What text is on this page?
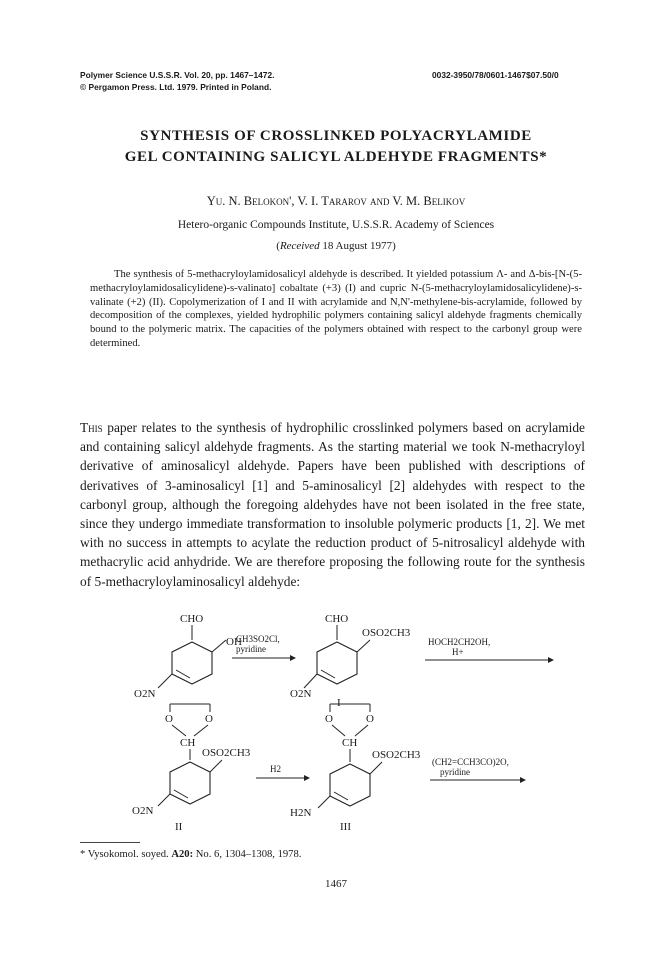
Polymer Science U.S.S.R. Vol. 20, pp. 1467–1472.
© Pergamon Press. Ltd. 1979. Printed in Poland.
0032-3950/78/0601-1467$07.50/0
SYNTHESIS OF CROSSLINKED POLYACRYLAMIDE
GEL CONTAINING SALICYL ALDEHYDE FRAGMENTS*
Yu. N. Belokon', V. I. Tararov and V. M. Belikov
Hetero-organic Compounds Institute, U.S.S.R. Academy of Sciences
(Received 18 August 1977)

The synthesis of 5-methacryloylamidosalicyl aldehyde is described. It yielded potassium Λ- and Δ-bis-[N-(5-methacryloylamidosalicylidene)-s-valinato] cobaltate (+3) (I) and cupric N-(5-methacryloylamidosalicylidene)-s-valinate (+2) (II). Copolymerization of I and II with acrylamide and N,N'-methylene-bis-acrylamide, followed by decomposition of the complexes, yielded hydrophilic polymers containing salicyl aldehyde fragments chemically bound to the polymeric matrix. The capacities of the polymers obtained with respect to the carbonyl group were determined.

This paper relates to the synthesis of hydrophilic crosslinked polymers based on acrylamide and containing salicyl aldehyde fragments. As the starting material we took N-methacryloyl derivative of aminosalicyl aldehyde. Papers have been published with descriptions of derivatives of 3-aminosalicyl [1] and 5-aminosalicyl [2] aldehydes with respect to the carbonyl group, although the foregoing aldehydes have not been isolated in the free state, since they undergo immediate transformation to insoluble polymeric products [1, 2]. We met with no success in attempts to acylate the reduction product of 5-nitrosalicyl aldehyde with methacrylic acid anhydride. We are therefore proposing the following route for the synthesis of 5-methacryloylaminosalicyl aldehyde:

CHO
OH
O2N
CH3SO2Cl,
pyridine
CHO
OSO2CH3
O2N
HOCH2CH2OH,
H+
I
O	O
CH
OSO2CH3
O2N
II
H2
O	O
CH
OSO2CH3
H2N
III
(CH2=CCH3CO)2O,
pyridine
* Vysokomol. soyed. A20: No. 6, 1304–1308, 1978.
1467
